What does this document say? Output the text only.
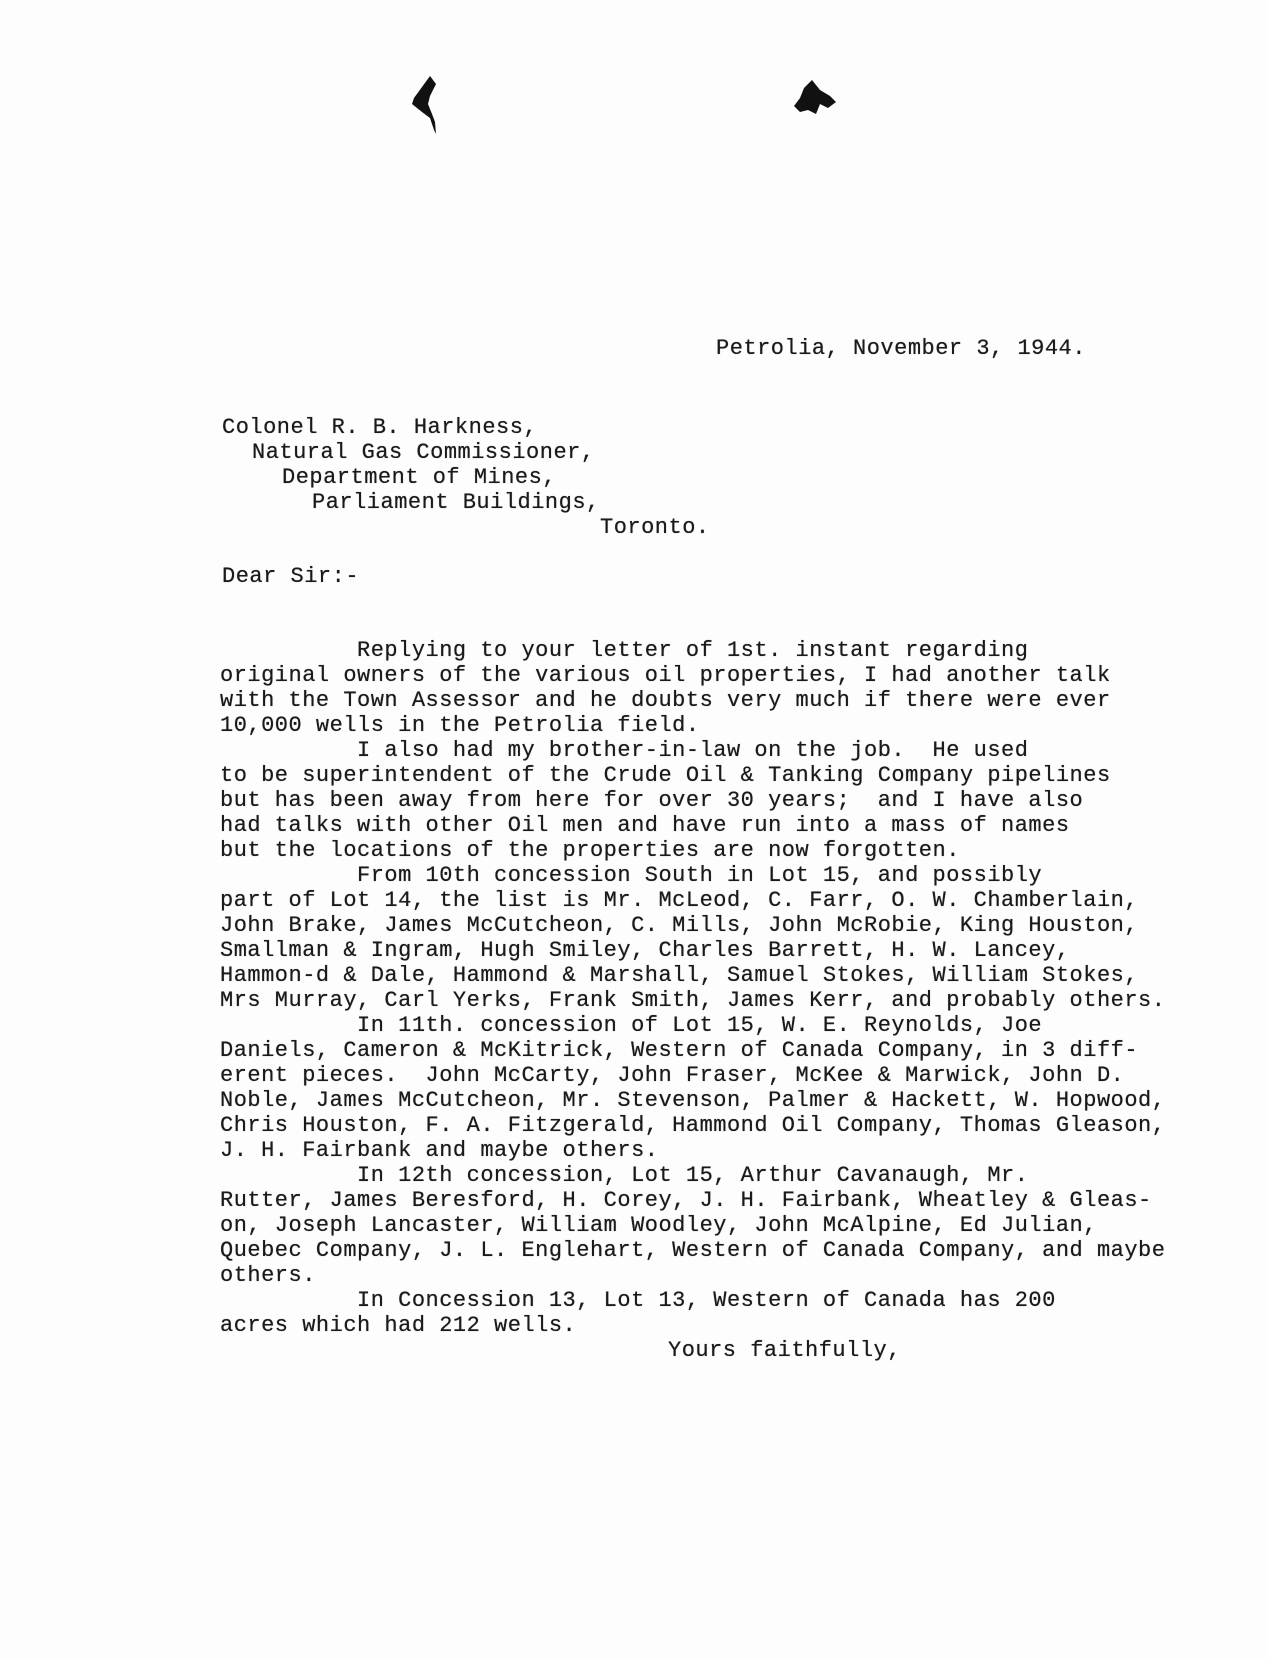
Petrolia, November 3, 1944.
Colonel R. B. Harkness,
Natural Gas Commissioner,
Department of Mines,
Parliament Buildings,
Toronto.
Dear Sir:-
Replying to your letter of 1st. instant regarding
original owners of the various oil properties, I had another talk
with the Town Assessor and he doubts very much if there were ever
10,000 wells in the Petrolia field.
I also had my brother-in-law on the job.  He used
to be superintendent of the Crude Oil & Tanking Company pipelines
but has been away from here for over 30 years;  and I have also
had talks with other Oil men and have run into a mass of names
but the locations of the properties are now forgotten.
From 10th concession South in Lot 15, and possibly
part of Lot 14, the list is Mr. McLeod, C. Farr, O. W. Chamberlain,
John Brake, James McCutcheon, C. Mills, John McRobie, King Houston,
Smallman & Ingram, Hugh Smiley, Charles Barrett, H. W. Lancey,
Hammon-d & Dale, Hammond & Marshall, Samuel Stokes, William Stokes,
Mrs Murray, Carl Yerks, Frank Smith, James Kerr, and probably others.
In 11th. concession of Lot 15, W. E. Reynolds, Joe
Daniels, Cameron & McKitrick, Western of Canada Company, in 3 diff-
erent pieces.  John McCarty, John Fraser, McKee & Marwick, John D.
Noble, James McCutcheon, Mr. Stevenson, Palmer & Hackett, W. Hopwood,
Chris Houston, F. A. Fitzgerald, Hammond Oil Company, Thomas Gleason,
J. H. Fairbank and maybe others.
In 12th concession, Lot 15, Arthur Cavanaugh, Mr.
Rutter, James Beresford, H. Corey, J. H. Fairbank, Wheatley & Gleas-
on, Joseph Lancaster, William Woodley, John McAlpine, Ed Julian,
Quebec Company, J. L. Englehart, Western of Canada Company, and maybe
others.
In Concession 13, Lot 13, Western of Canada has 200
acres which had 212 wells.
Yours faithfully,
